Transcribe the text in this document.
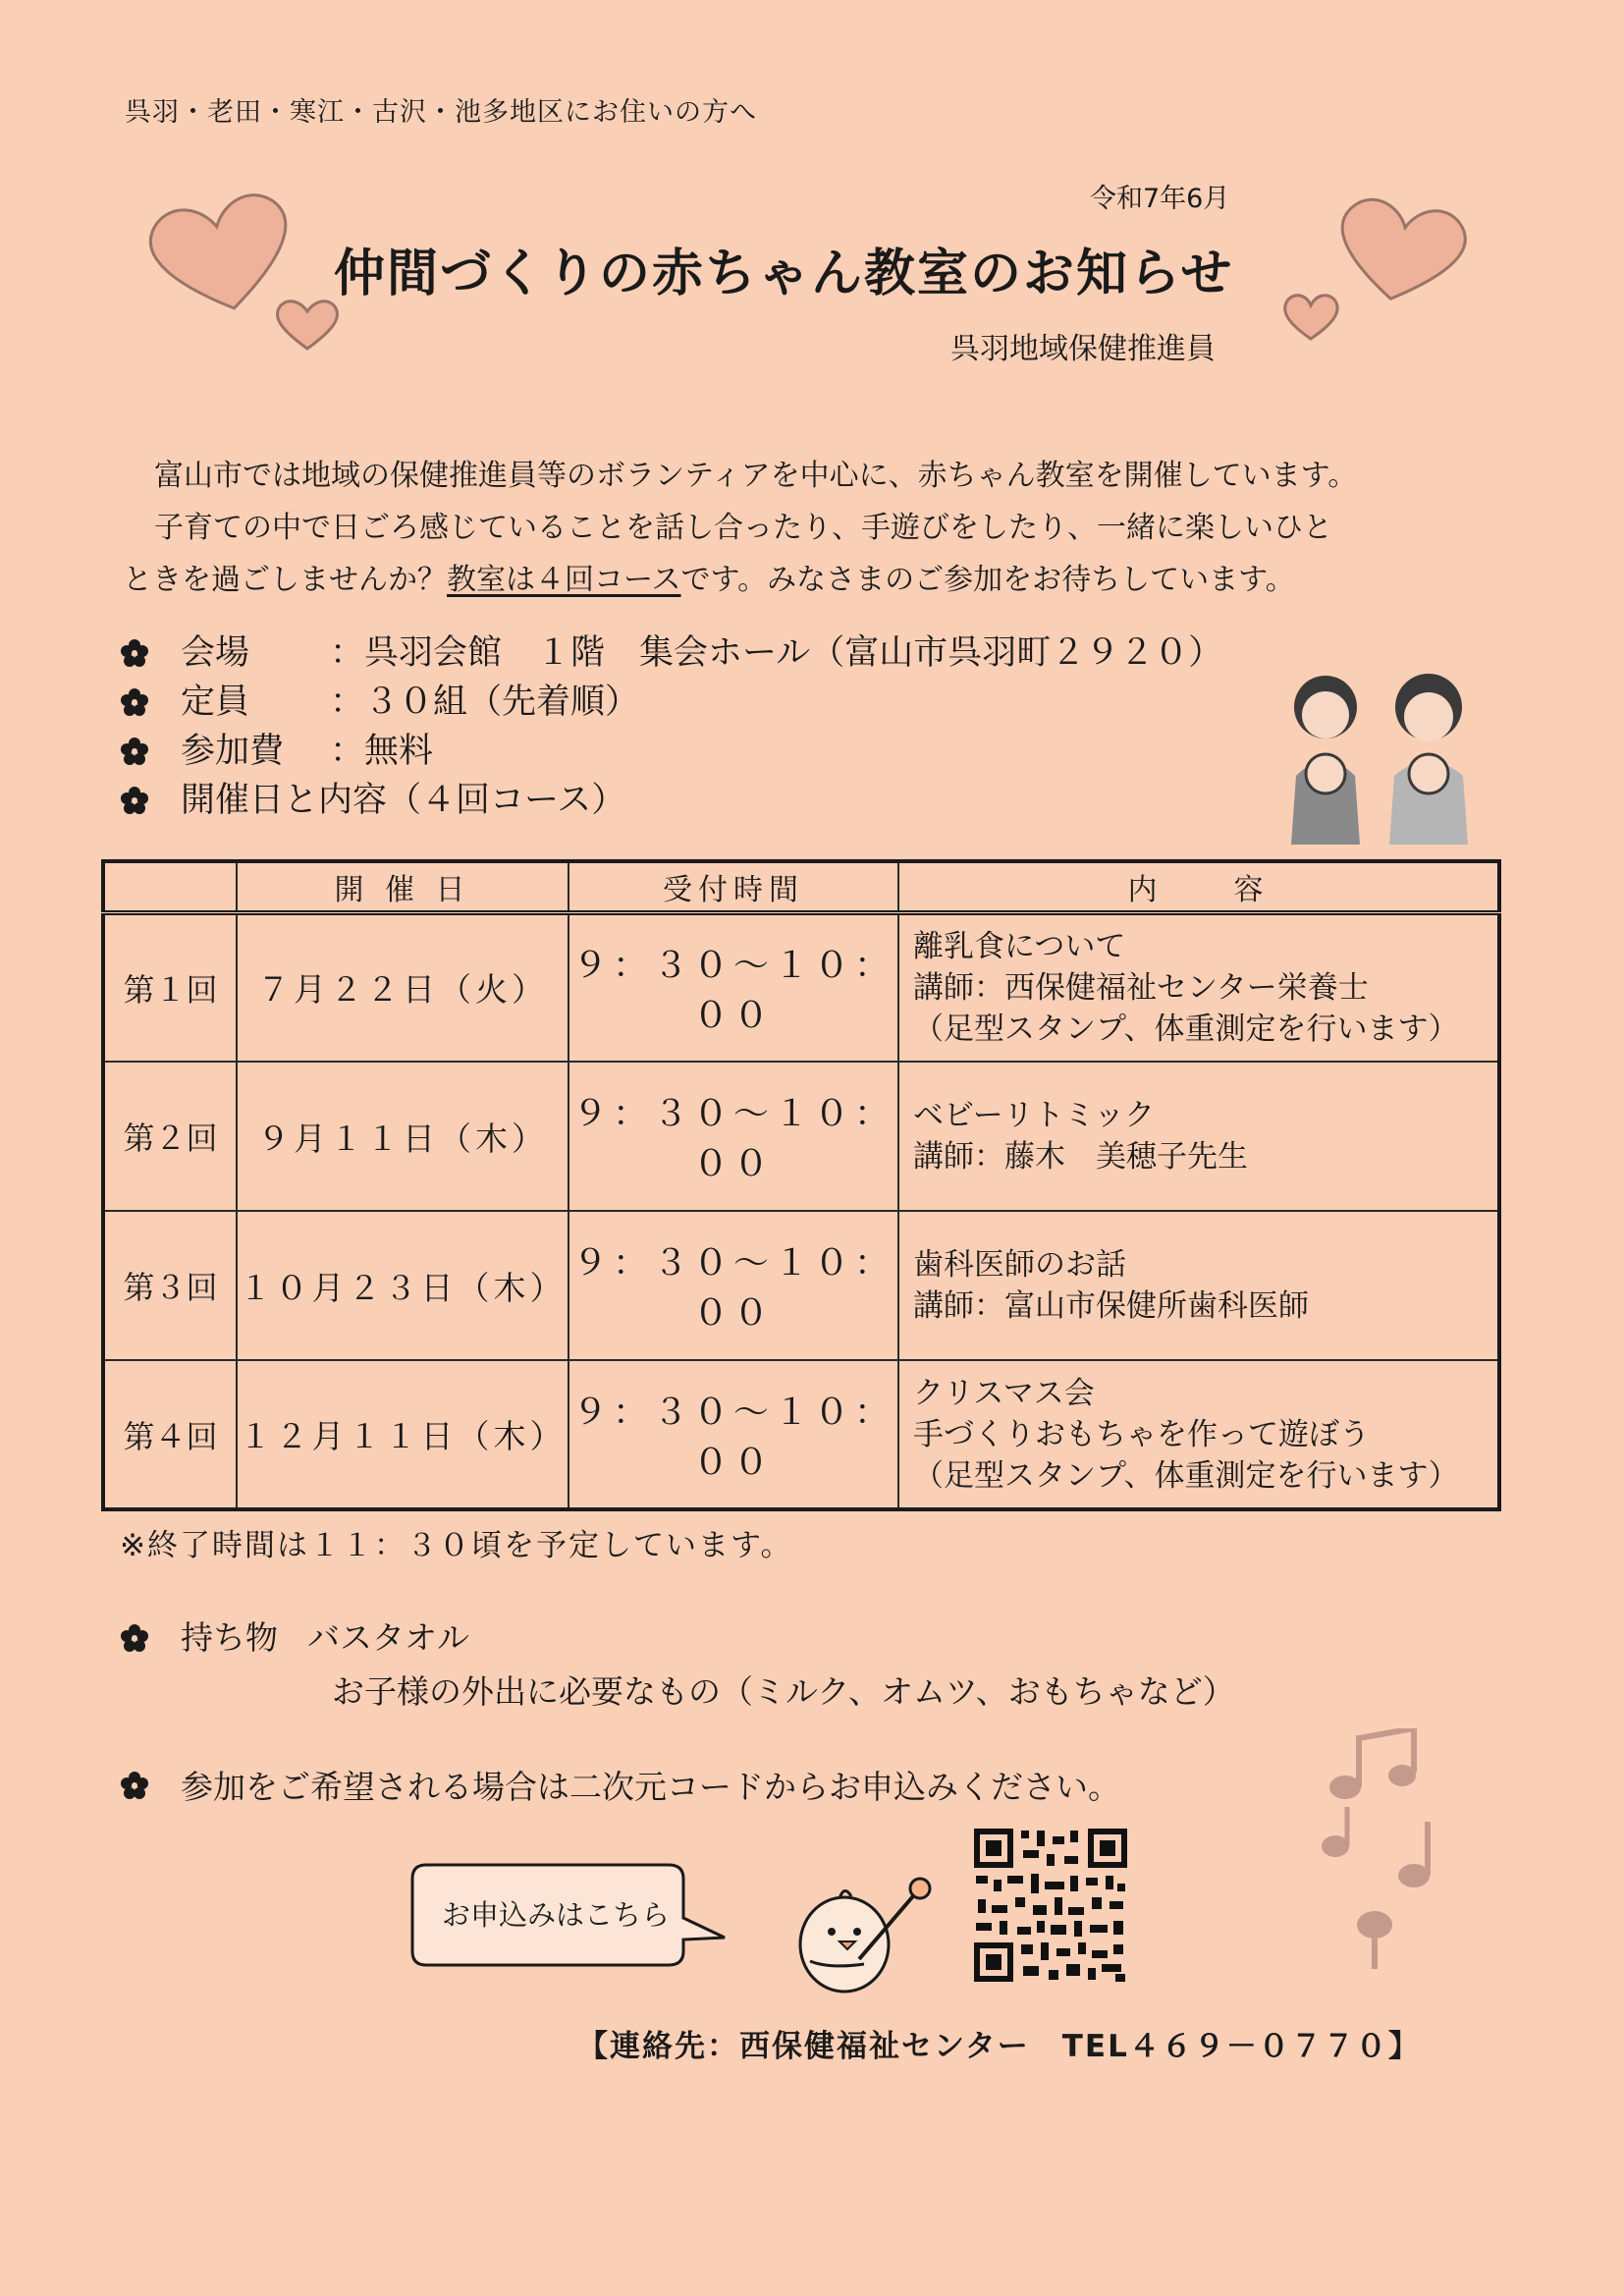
呉羽・老田・寒江・古沢・池多地区にお住いの方へ
令和7年6月
仲間づくりの赤ちゃん教室のお知らせ
呉羽地域保健推進員

富山市では地域の保健推進員等のボランティアを中心に、赤ちゃん教室を開催しています。

子育ての中で日ごろ感じていることを話し合ったり、手遊びをしたり、一緒に楽しいひと

ときを過ごしませんか？教室は４回コースです。みなさまのご参加をお待ちしています。

会場	：呉羽会館　１階　集会ホール（富山市呉羽町２９２０）
定員	：３０組（先着順）
参加費	：無料
開催日と内容（４回コース）
	開 催 日	受付時間	内　　容
第１回	７月２２日（火）	９：３０～１０：００	離乳食について
講師：西保健福祉センター栄養士
（足型スタンプ、体重測定を行います）

第２回	９月１１日（木）	９：３０～１０：００	ベビーリトミック
講師：藤木　美穂子先生

第３回	１０月２３日（木）	９：３０～１０：００	歯科医師のお話
講師：富山市保健所歯科医師

第４回	１２月１１日（木）	９：３０～１０：００	クリスマス会
手づくりおもちゃを作って遊ぼう
（足型スタンプ、体重測定を行います）
※終了時間は１１：３０頃を予定しています。
持ち物 バスタオル
お子様の外出に必要なもの（ミルク、オムツ、おもちゃなど）
参加をご希望される場合は二次元コードからお申込みください。
お申込みはこちら
【連絡先：西保健福祉センター　TEL４６９－０７７０】
